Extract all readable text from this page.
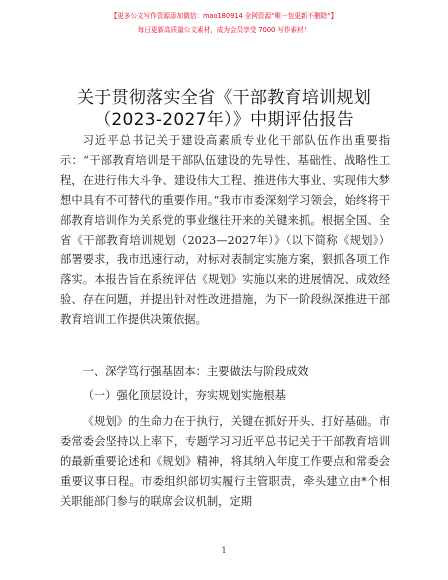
【更多公文写作资源添加微信：mao180914 全网资源“唯一包更新不删除”】
每日更新高质量公文素材，成为会员享受 7000 写作素材！
关于贯彻落实全省《干部教育培训规划
（2023-2027年）》中期评估报告

习近平总书记关于建设高素质专业化干部队伍作出重要指示：“干部教育培训是干部队伍建设的先导性、基础性、战略性工程，在进行伟大斗争、建设伟大工程、推进伟大事业、实现伟大梦想中具有不可替代的重要作用。”我市市委深刻学习领会，始终将干部教育培训作为关系党的事业继往开来的关键来抓。根据全国、全省《干部教育培训规划（2023—2027年）》（以下简称《规划》）部署要求，我市迅速行动，对标对表制定实施方案，狠抓各项工作落实。本报告旨在系统评估《规划》实施以来的进展情况、成效经验、存在问题，并提出针对性改进措施，为下一阶段纵深推进干部教育培训工作提供决策依据。

一、深学笃行强基固本：主要做法与阶段成效

（一）强化顶层设计，夯实规划实施根基

《规划》的生命力在于执行，关键在抓好开头、打好基础。市委常委会坚持以上率下，专题学习习近平总书记关于干部教育培训的最新重要论述和《规划》精神，将其纳入年度工作要点和常委会重要议事日程。市委组织部切实履行主管职责，牵头建立由*个相关职能部门参与的联席会议机制，定期

1
